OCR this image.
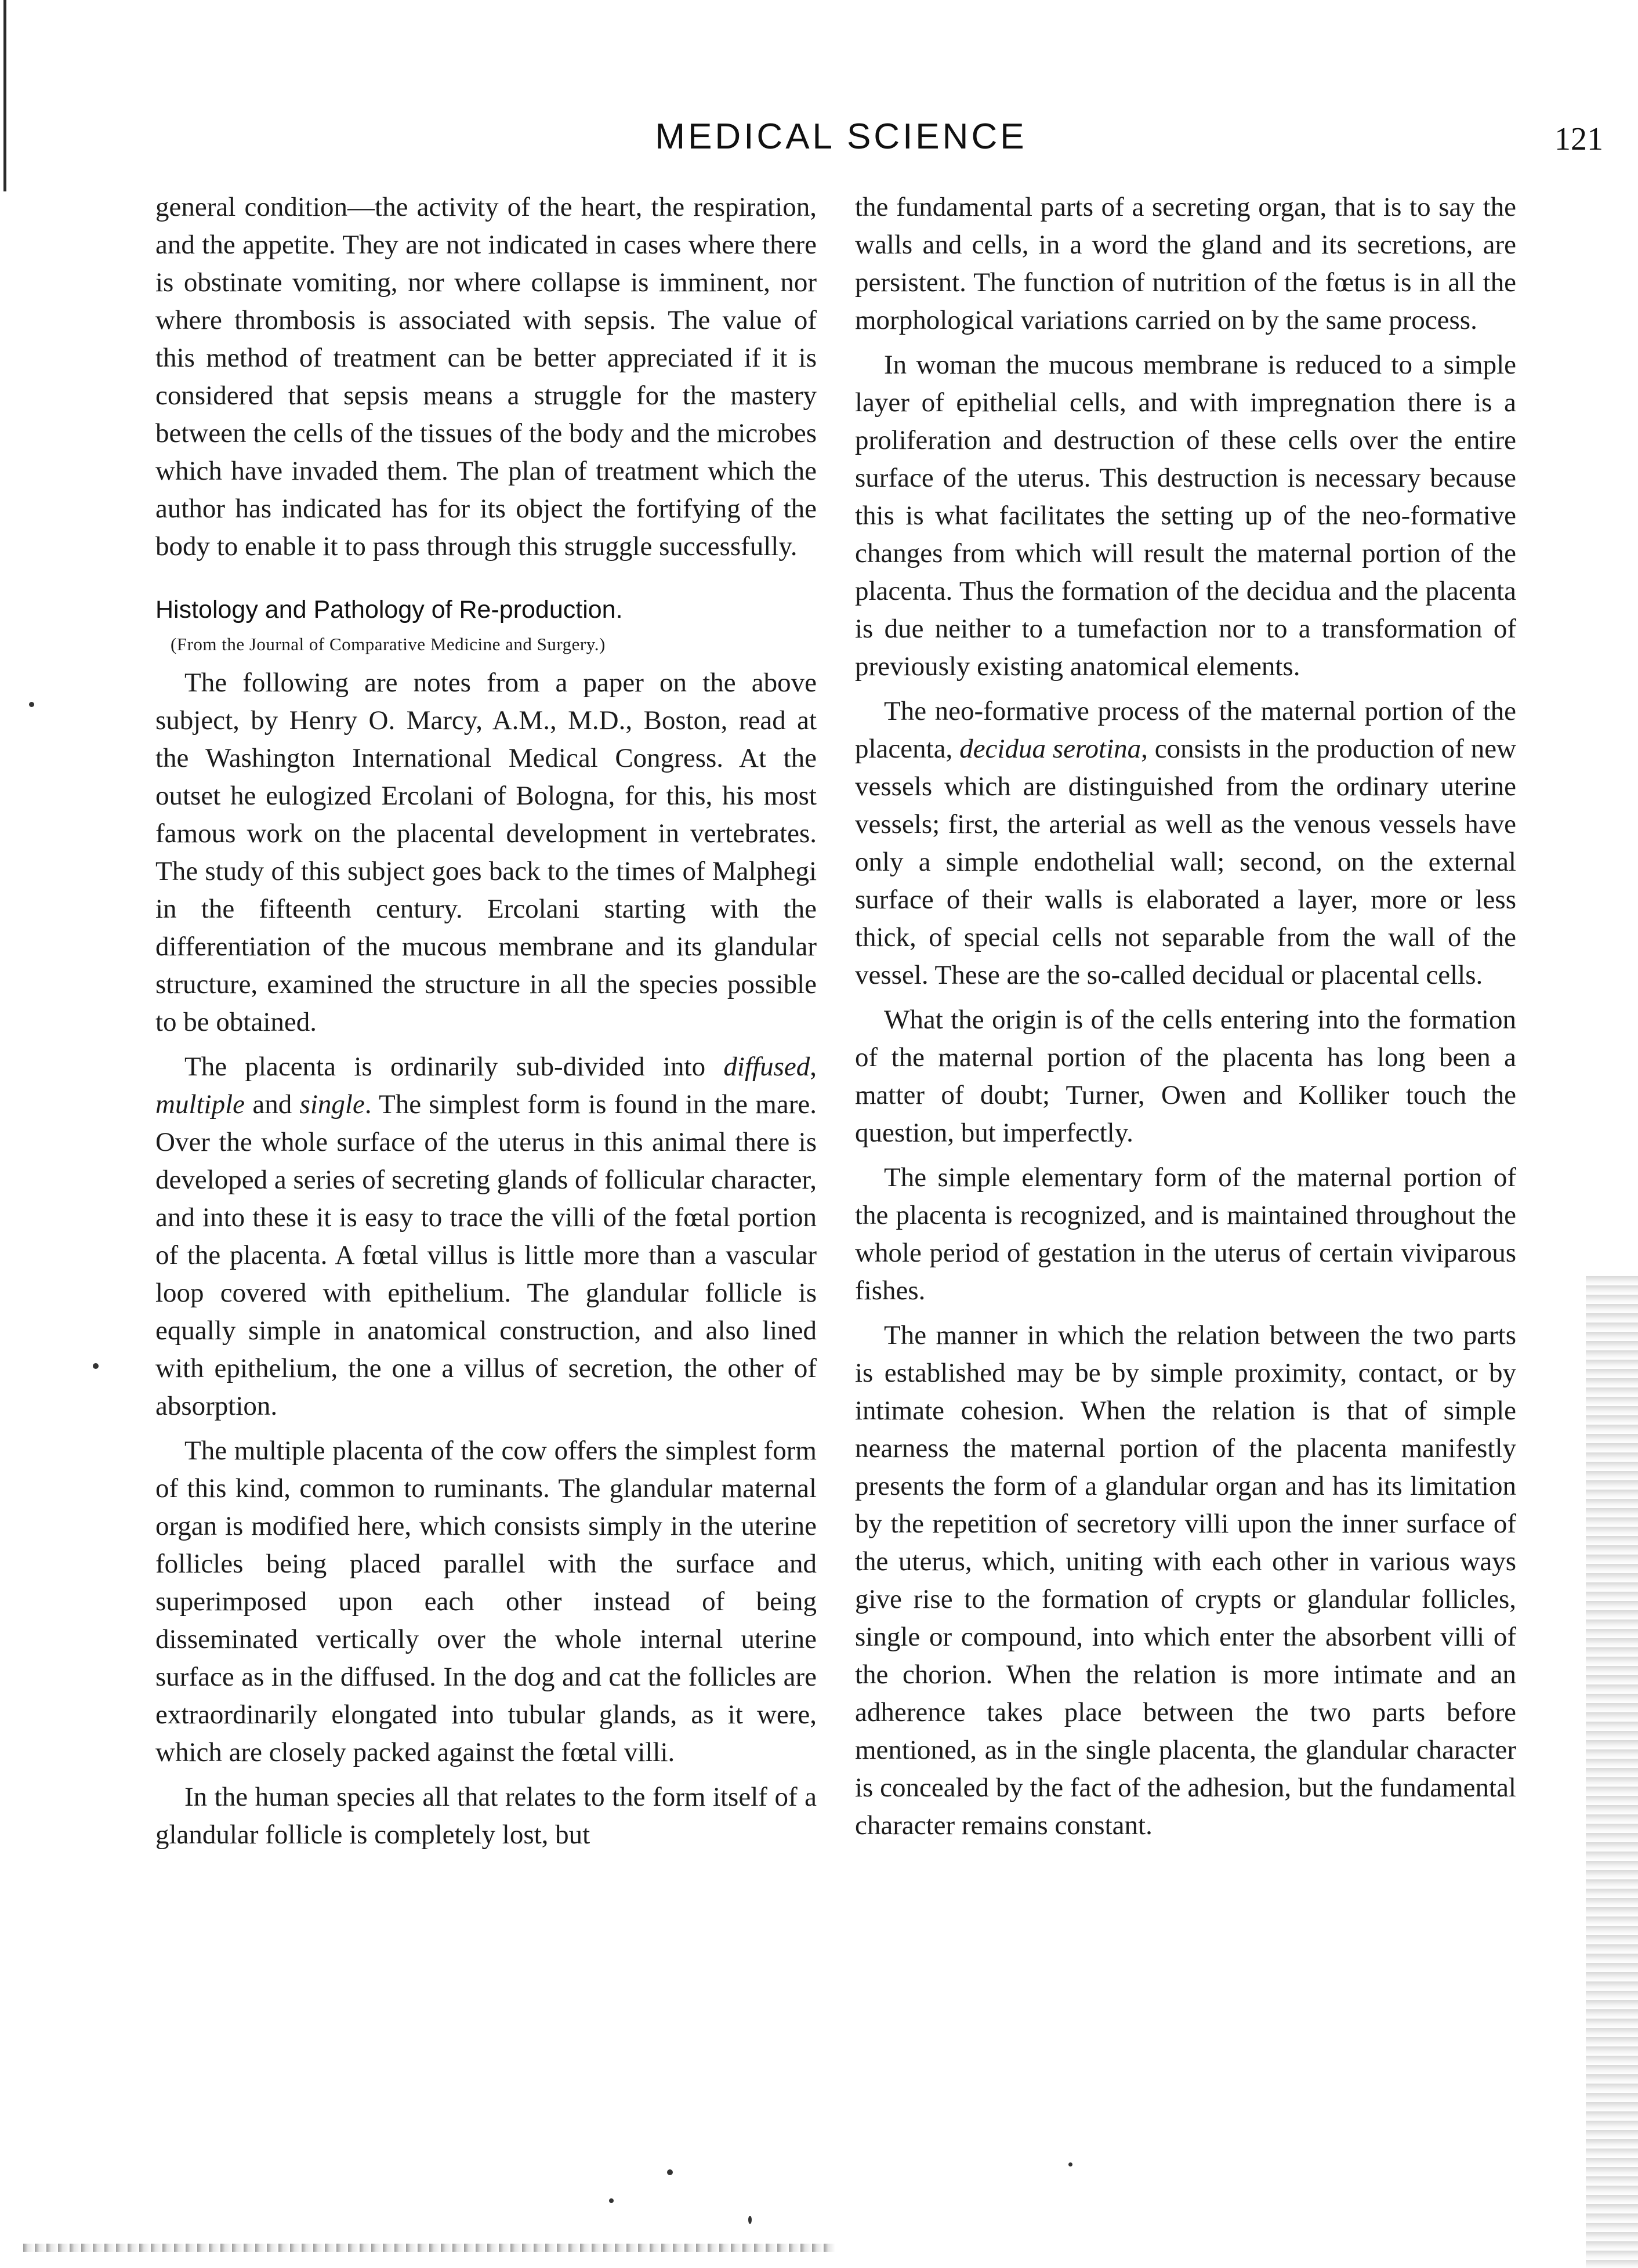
MEDICAL SCIENCE	121

general condition—the activity of the heart, the respiration, and the appetite. They are not indicated in cases where there is obstinate vomiting, nor where collapse is imminent, nor where thrombosis is associated with sepsis. The value of this method of treatment can be better appreciated if it is considered that sepsis means a struggle for the mastery between the cells of the tissues of the body and the microbes which have invaded them. The plan of treatment which the author has indicated has for its object the fortifying of the body to enable it to pass through this struggle successfully.

Histology and Pathology of Re-production.
(From the Journal of Comparative Medicine and Surgery.)

The following are notes from a paper on the above subject, by Henry O. Marcy, A.M., M.D., Boston, read at the Washington International Medical Congress. At the outset he eulogized Ercolani of Bologna, for this, his most famous work on the placental development in vertebrates. The study of this subject goes back to the times of Malphegi in the fifteenth century. Ercolani starting with the differentiation of the mucous membrane and its glandular structure, examined the structure in all the species possible to be obtained.

The placenta is ordinarily sub-divided into diffused, multiple and single. The simplest form is found in the mare. Over the whole surface of the uterus in this animal there is developed a series of secreting glands of follicular character, and into these it is easy to trace the villi of the fœtal portion of the placenta. A fœtal villus is little more than a vascular loop covered with epithelium. The glandular follicle is equally simple in anatomical construction, and also lined with epithelium, the one a villus of secretion, the other of absorption.

The multiple placenta of the cow offers the simplest form of this kind, common to ruminants. The glandular maternal organ is modified here, which consists simply in the uterine follicles being placed parallel with the surface and superimposed upon each other instead of being disseminated vertically over the whole internal uterine surface as in the diffused. In the dog and cat the follicles are extraordinarily elongated into tubular glands, as it were, which are closely packed against the fœtal villi.

In the human species all that relates to the form itself of a glandular follicle is completely lost, but

the fundamental parts of a secreting organ, that is to say the walls and cells, in a word the gland and its secretions, are persistent. The function of nutrition of the fœtus is in all the morphological variations carried on by the same process.

In woman the mucous membrane is reduced to a simple layer of epithelial cells, and with impregnation there is a proliferation and destruction of these cells over the entire surface of the uterus. This destruction is necessary because this is what facilitates the setting up of the neo-formative changes from which will result the maternal portion of the placenta. Thus the formation of the decidua and the placenta is due neither to a tumefaction nor to a transformation of previously existing anatomical elements.

The neo-formative process of the maternal portion of the placenta, decidua serotina, consists in the production of new vessels which are distinguished from the ordinary uterine vessels; first, the arterial as well as the venous vessels have only a simple endothelial wall; second, on the external surface of their walls is elaborated a layer, more or less thick, of special cells not separable from the wall of the vessel. These are the so-called decidual or placental cells.

What the origin is of the cells entering into the formation of the maternal portion of the placenta has long been a matter of doubt; Turner, Owen and Kolliker touch the question, but imperfectly.

The simple elementary form of the maternal portion of the placenta is recognized, and is maintained throughout the whole period of gestation in the uterus of certain viviparous fishes.

The manner in which the relation between the two parts is established may be by simple proximity, contact, or by intimate cohesion. When the relation is that of simple nearness the maternal portion of the placenta manifestly presents the form of a glandular organ and has its limitation by the repetition of secretory villi upon the inner surface of the uterus, which, uniting with each other in various ways give rise to the formation of crypts or glandular follicles, single or compound, into which enter the absorbent villi of the chorion. When the relation is more intimate and an adherence takes place between the two parts before mentioned, as in the single placenta, the glandular character is concealed by the fact of the adhesion, but the fundamental character remains constant.
